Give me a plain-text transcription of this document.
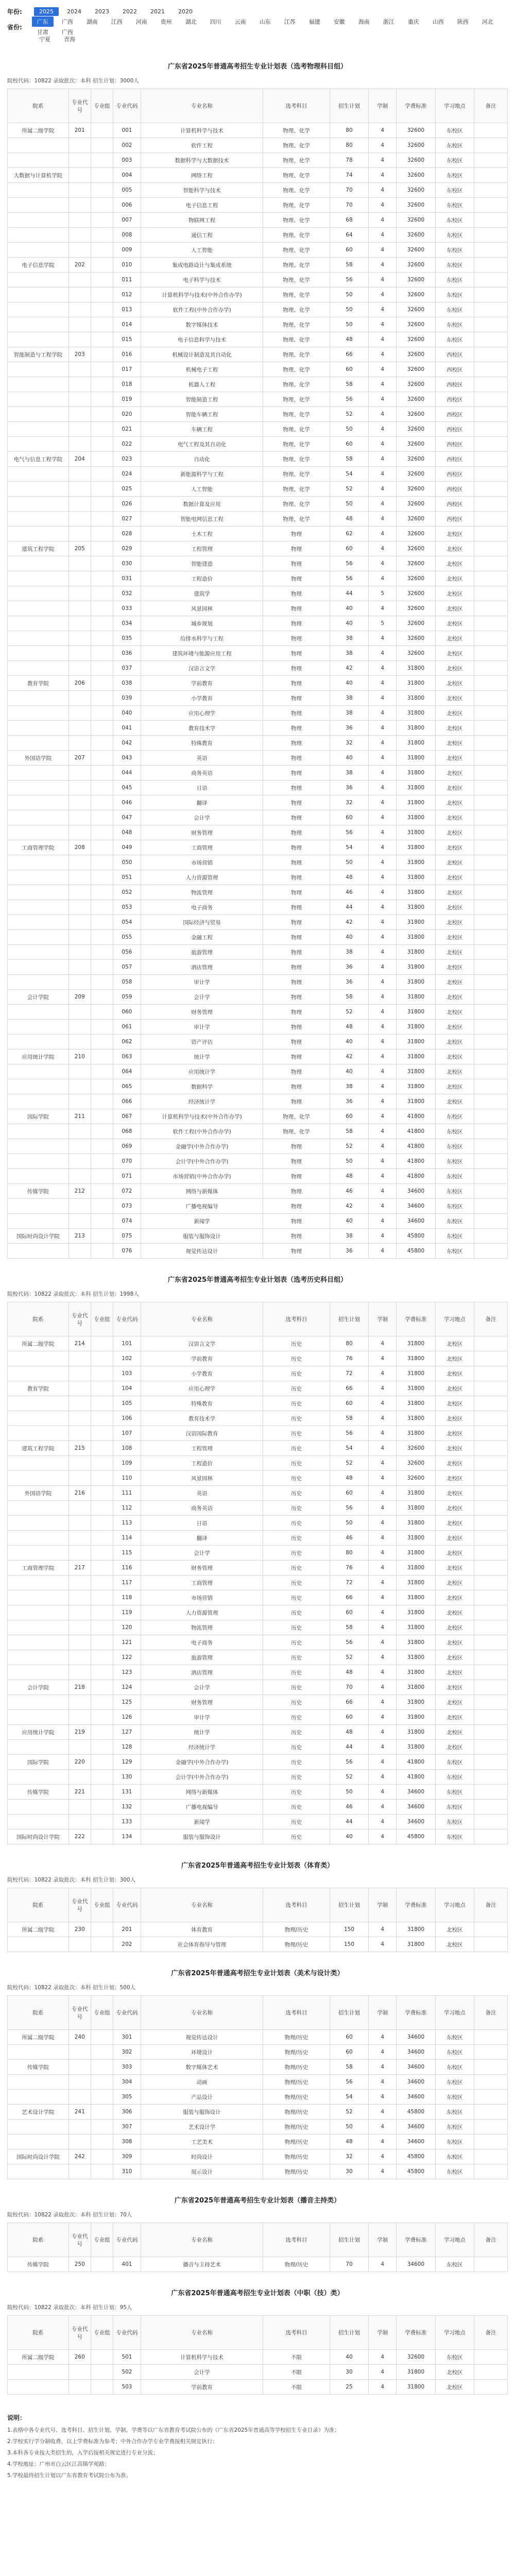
年份:	2025 2024 2023 2022 2021 2020
省份:
广东 广西 湖南 江西 河南 贵州 湖北 四川 云南 山东 江苏 福建 安徽 海南 浙江 重庆 山西 陕西 河北甘肃 广西
宁夏 青海
广东省2025年普通高考招生专业计划表（选考物理科目组）
院校代码：10822 录取批次：本科 招生计划：3000人
院系	专业代号	专业组	专业代码	专业名称	选考科目	招生计划	学制	学费标准	学习地点	备注
所属二级学院	201		001	计算机科学与技术	物理、化学	80	4	32600	东校区	
			002	软件工程	物理、化学	80	4	32600	东校区	
			003	数据科学与大数据技术	物理、化学	78	4	32600	东校区	
大数据与计算机学院			004	网络工程	物理、化学	74	4	32600	东校区	
			005	智能科学与技术	物理、化学	70	4	32600	东校区	
			006	电子信息工程	物理、化学	70	4	32600	东校区	
			007	物联网工程	物理、化学	68	4	32600	东校区	
			008	通信工程	物理、化学	64	4	32600	东校区	
			009	人工智能	物理、化学	60	4	32600	东校区	
电子信息学院	202		010	集成电路设计与集成系统	物理、化学	58	4	32600	东校区	
			011	电子科学与技术	物理、化学	56	4	32600	东校区	
			012	计算机科学与技术(中外合作办学)	物理、化学	50	4	32600	东校区	
			013	软件工程(中外合作办学)	物理、化学	50	4	32600	东校区	
			014	数字媒体技术	物理、化学	50	4	32600	东校区	
			015	电子信息科学与技术	物理、化学	48	4	32600	东校区	
智能制造与工程学院	203		016	机械设计制造及其自动化	物理、化学	66	4	32600	西校区	
			017	机械电子工程	物理、化学	60	4	32600	西校区	
			018	机器人工程	物理、化学	58	4	32600	西校区	
			019	智能制造工程	物理、化学	56	4	32600	西校区	
			020	智能车辆工程	物理、化学	52	4	32600	西校区	
			021	车辆工程	物理、化学	50	4	32600	西校区	
			022	电气工程及其自动化	物理、化学	60	4	32600	西校区	
电气与信息工程学院	204		023	自动化	物理、化学	58	4	32600	西校区	
			024	新能源科学与工程	物理、化学	54	4	32600	西校区	
			025	人工智能	物理、化学	52	4	32600	西校区	
			026	数据计算及应用	物理、化学	50	4	32600	西校区	
			027	智能电网信息工程	物理、化学	48	4	32600	西校区	
			028	土木工程	物理	62	4	32600	北校区	
建筑工程学院	205		029	工程管理	物理	60	4	32600	北校区	
			030	智能建造	物理	56	4	32600	北校区	
			031	工程造价	物理	56	4	32600	北校区	
			032	建筑学	物理	44	5	32600	北校区	
			033	风景园林	物理	40	4	32600	北校区	
			034	城乡规划	物理	40	5	32600	北校区	
			035	给排水科学与工程	物理	38	4	32600	北校区	
			036	建筑环境与能源应用工程	物理	38	4	32600	北校区	
			037	汉语言文学	物理	42	4	31800	北校区	
教育学院	206		038	学前教育	物理	40	4	31800	北校区	
			039	小学教育	物理	38	4	31800	北校区	
			040	应用心理学	物理	38	4	31800	北校区	
			041	教育技术学	物理	36	4	31800	北校区	
			042	特殊教育	物理	32	4	31800	北校区	
外国语学院	207		043	英语	物理	40	4	31800	北校区	
			044	商务英语	物理	38	4	31800	北校区	
			045	日语	物理	36	4	31800	北校区	
			046	翻译	物理	32	4	31800	北校区	
			047	会计学	物理	60	4	31800	北校区	
			048	财务管理	物理	56	4	31800	北校区	
工商管理学院	208		049	工商管理	物理	54	4	31800	北校区	
			050	市场营销	物理	50	4	31800	北校区	
			051	人力资源管理	物理	48	4	31800	北校区	
			052	物流管理	物理	46	4	31800	北校区	
			053	电子商务	物理	44	4	31800	北校区	
			054	国际经济与贸易	物理	42	4	31800	北校区	
			055	金融工程	物理	40	4	31800	北校区	
			056	旅游管理	物理	38	4	31800	北校区	
			057	酒店管理	物理	36	4	31800	北校区	
			058	审计学	物理	36	4	31800	北校区	
会计学院	209		059	会计学	物理	58	4	31800	北校区	
			060	财务管理	物理	52	4	31800	北校区	
			061	审计学	物理	48	4	31800	北校区	
			062	资产评估	物理	40	4	31800	北校区	
应用统计学院	210		063	统计学	物理	42	4	31800	北校区	
			064	应用统计学	物理	40	4	31800	北校区	
			065	数据科学	物理	38	4	31800	北校区	
			066	经济统计学	物理	36	4	31800	北校区	
国际学院	211		067	计算机科学与技术(中外合作办学)	物理、化学	60	4	41800	东校区	
			068	软件工程(中外合作办学)	物理、化学	58	4	41800	东校区	
			069	金融学(中外合作办学)	物理	52	4	41800	东校区	
			070	会计学(中外合作办学)	物理	50	4	41800	东校区	
			071	市场营销(中外合作办学)	物理	48	4	41800	东校区	
传媒学院	212		072	网络与新媒体	物理	46	4	34600	东校区	
			073	广播电视编导	物理	42	4	34600	东校区	
			074	新闻学	物理	40	4	34600	东校区	
国际时尚设计学院	213		075	服装与服饰设计	物理	38	4	45800	东校区	
			076	视觉传达设计	物理	36	4	45800	东校区	
广东省2025年普通高考招生专业计划表（选考历史科目组）
院校代码：10822 录取批次：本科 招生计划：1998人
院系	专业代号	专业组	专业代码	专业名称	选考科目	招生计划	学制	学费标准	学习地点	备注
所属二级学院	214		101	汉语言文学	历史	80	4	31800	北校区	
			102	学前教育	历史	76	4	31800	北校区	
			103	小学教育	历史	72	4	31800	北校区	
教育学院			104	应用心理学	历史	66	4	31800	北校区	
			105	特殊教育	历史	60	4	31800	北校区	
			106	教育技术学	历史	58	4	31800	北校区	
			107	汉语国际教育	历史	56	4	31800	北校区	
建筑工程学院	215		108	工程管理	历史	54	4	32600	北校区	
			109	工程造价	历史	52	4	32600	北校区	
			110	风景园林	历史	48	4	32600	北校区	
外国语学院	216		111	英语	历史	60	4	31800	北校区	
			112	商务英语	历史	56	4	31800	北校区	
			113	日语	历史	50	4	31800	北校区	
			114	翻译	历史	46	4	31800	北校区	
			115	会计学	历史	80	4	31800	北校区	
工商管理学院	217		116	财务管理	历史	76	4	31800	北校区	
			117	工商管理	历史	72	4	31800	北校区	
			118	市场营销	历史	66	4	31800	北校区	
			119	人力资源管理	历史	60	4	31800	北校区	
			120	物流管理	历史	58	4	31800	北校区	
			121	电子商务	历史	56	4	31800	北校区	
			122	旅游管理	历史	52	4	31800	北校区	
			123	酒店管理	历史	48	4	31800	北校区	
会计学院	218		124	会计学	历史	70	4	31800	北校区	
			125	财务管理	历史	66	4	31800	北校区	
			126	审计学	历史	60	4	31800	北校区	
应用统计学院	219		127	统计学	历史	48	4	31800	北校区	
			128	经济统计学	历史	44	4	31800	北校区	
国际学院	220		129	金融学(中外合作办学)	历史	56	4	41800	东校区	
			130	会计学(中外合作办学)	历史	52	4	41800	东校区	
传媒学院	221		131	网络与新媒体	历史	50	4	34600	东校区	
			132	广播电视编导	历史	46	4	34600	东校区	
			133	新闻学	历史	44	4	34600	东校区	
国际时尚设计学院	222		134	服装与服饰设计	历史	40	4	45800	东校区	
广东省2025年普通高考招生专业计划表（体育类）
院校代码：10822 录取批次：本科 招生计划：300人
院系	专业代号	专业组	专业代码	专业名称	选考科目	招生计划	学制	学费标准	学习地点	备注
所属二级学院	230		201	体育教育	物理/历史	150	4	31800	北校区	
			202	社会体育指导与管理	物理/历史	150	4	31800	北校区	
广东省2025年普通高考招生专业计划表（美术与设计类）
院校代码：10822 录取批次：本科 招生计划：500人
院系	专业代号	专业组	专业代码	专业名称	选考科目	招生计划	学制	学费标准	学习地点	备注
所属二级学院	240		301	视觉传达设计	物理/历史	60	4	34600	东校区	
			302	环境设计	物理/历史	60	4	34600	东校区	
传媒学院			303	数字媒体艺术	物理/历史	58	4	34600	东校区	
			304	动画	物理/历史	56	4	34600	东校区	
			305	产品设计	物理/历史	54	4	34600	东校区	
艺术设计学院	241		306	服装与服饰设计	物理/历史	52	4	45800	东校区	
			307	艺术设计学	物理/历史	50	4	34600	东校区	
			308	工艺美术	物理/历史	48	4	34600	东校区	
国际时尚设计学院	242		309	时尚设计	物理/历史	32	4	45800	东校区	
			310	展示设计	物理/历史	30	4	45800	东校区	
广东省2025年普通高考招生专业计划表（播音主持类）
院校代码：10822 录取批次：本科 招生计划：70人
院系	专业代号	专业组	专业代码	专业名称	选考科目	招生计划	学制	学费标准	学习地点	备注
传媒学院	250		401	播音与主持艺术	物理/历史	70	4	34600	东校区	
广东省2025年普通高考招生专业计划表（中职（技）类）
院校代码：10822 录取批次：本科 招生计划：95人
院系	专业代号	专业组	专业代码	专业名称	选考科目	招生计划	学制	学费标准	学习地点	备注
所属二级学院	260		501	计算机科学与技术	不限	40	4	32600	东校区	
			502	会计学	不限	30	4	31800	北校区	
			503	学前教育	不限	25	4	31800	北校区	
说明：
1.表格中各专业代号、选考科目、招生计划、学制、学费等以广东省教育考试院公布的《广东省2025年普通高等学校招生专业目录》为准；
2.学校实行学分制收费，以上学费标准为参考；中外合作办学专业学费按相关规定执行；
3.本科各专业按大类招生的，入学后按相关规定进行专业分流；
4.学校地址：广州市白云区江高镇学苑路；
5.学校最终招生计划以广东省教育考试院公布为准。
